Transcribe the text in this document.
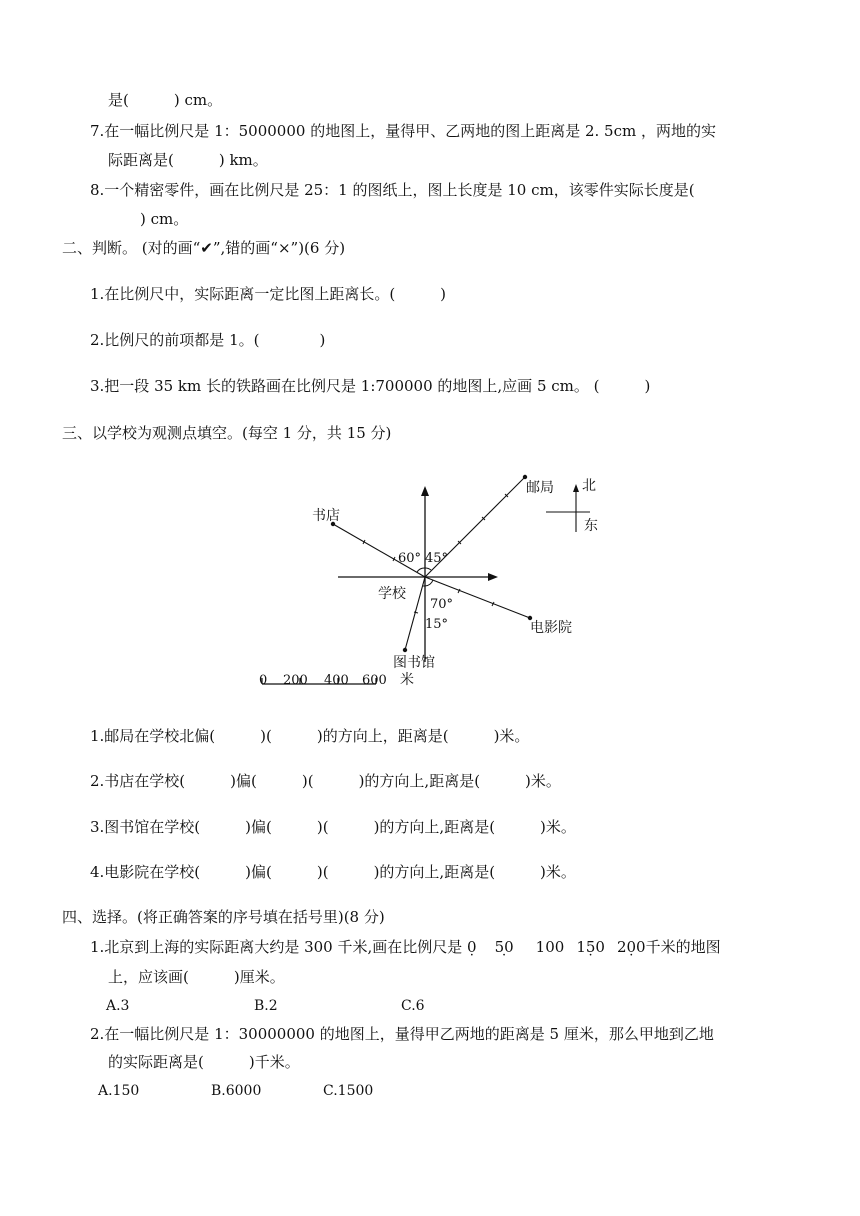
是(　　　) cm。
7.在一幅比例尺是 1：5000000 的地图上，量得甲、乙两地的图上距离是 2. 5cm ，两地的实
际距离是(　　　) km。
8.一个精密零件，画在比例尺是 25：1 的图纸上，图上长度是 10 cm，该零件实际长度是(
) cm。
二、判断。 (对的画“✔”,错的画“×”)(6 分)
1.在比例尺中，实际距离一定比图上距离长。(　　　)
2.比例尺的前项都是 1。(　　　　)
3.把一段 35 km 长的铁路画在比例尺是 1:700000 的地图上,应画 5 cm。 (　　　)
三、以学校为观测点填空。(每空 1 分，共 15 分)
邮局
书店
学校
电影院
图书馆
60° 45°
70°
15°
北
东
0 200 400 600 米
1.邮局在学校北偏(　　　)(　　　)的方向上，距离是(　　　)米。
2.书店在学校(　　　)偏(　　　)(　　　)的方向上,距离是(　　　)米。
3.图书馆在学校(　　　)偏(　　　)(　　　)的方向上,距离是(　　　)米。
4.电影院在学校(　　　)偏(　　　)(　　　)的方向上,距离是(　　　)米。
四、选择。(将正确答案的序号填在括号里)(8 分)
1.北京到上海的实际距离大约是 300 千米,画在比例尺是 0 · 50 · 100 150 · 200 ·千米的地图
上，应该画(　　　)厘米。
A.3	B.2	C.6
2.在一幅比例尺是 1：30000000 的地图上，量得甲乙两地的距离是 5 厘米，那么甲地到乙地
的实际距离是(　　　)千米。
A.150	B.6000	C.1500
